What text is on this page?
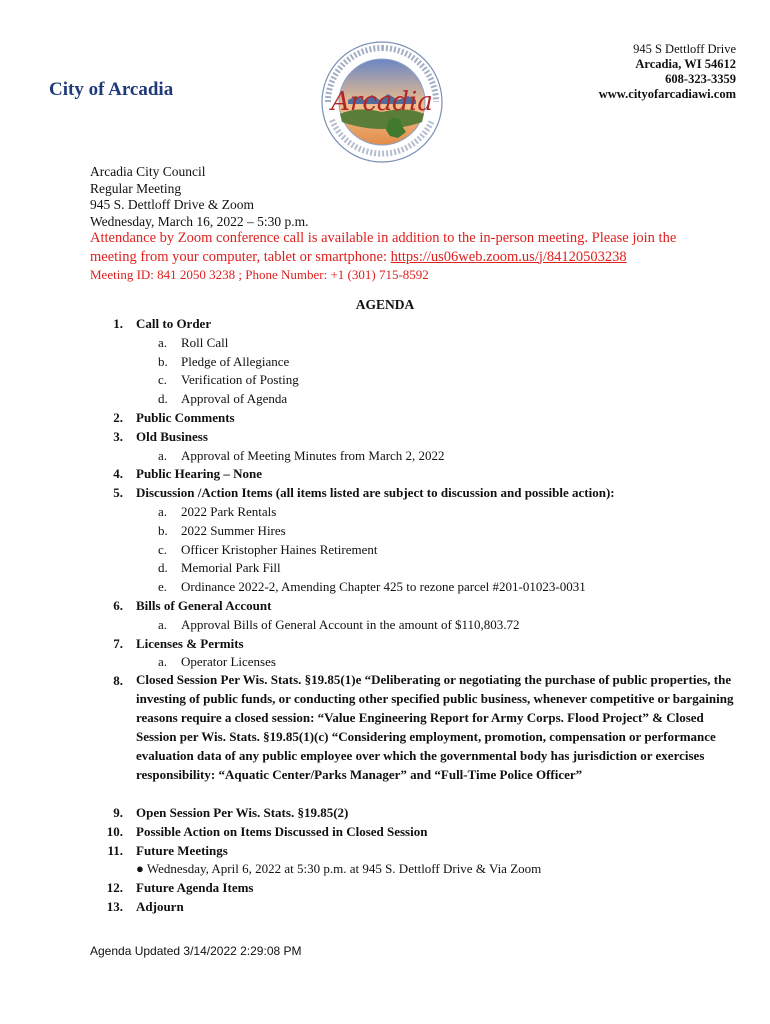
City of Arcadia	Arcadia
945 S Dettloff Drive
Arcadia, WI 54612
608-323-3359
www.cityofarcadiawi.com
Arcadia City Council
Regular Meeting
945 S. Dettloff Drive & Zoom
Wednesday, March 16, 2022 – 5:30 p.m.
Attendance by Zoom conference call is available in addition to the in-person meeting. Please join the
meeting from your computer, tablet or smartphone: https://us06web.zoom.us/j/84120503238
Meeting ID: 841 2050 3238 ; Phone Number: +1 (301) 715-8592
AGENDA
1. Call to Order
a. Roll Call
b. Pledge of Allegiance
c. Verification of Posting
d. Approval of Agenda
2. Public Comments
3. Old Business
a. Approval of Meeting Minutes from March 2, 2022
4. Public Hearing – None
5. Discussion /Action Items (all items listed are subject to discussion and possible action):
a. 2022 Park Rentals
b. 2022 Summer Hires
c. Officer Kristopher Haines Retirement
d. Memorial Park Fill
e. Ordinance 2022-2, Amending Chapter 425 to rezone parcel #201-01023-0031
6. Bills of General Account
a. Approval Bills of General Account in the amount of $110,803.72
7. Licenses & Permits
a. Operator Licenses
8. Closed Session Per Wis. Stats. §19.85(1)e “Deliberating or negotiating the purchase of public properties, the investing of public funds, or conducting other specified public business, whenever competitive or bargaining reasons require a closed session: “Value Engineering Report for Army Corps. Flood Project” & Closed Session per Wis. Stats. §19.85(1)(c) “Considering employment, promotion, compensation or performance evaluation data of any public employee over which the governmental body has jurisdiction or exercises responsibility: “Aquatic Center/Parks Manager” and “Full-Time Police Officer”
9. Open Session Per Wis. Stats. §19.85(2)
10. Possible Action on Items Discussed in Closed Session
11. Future Meetings
● Wednesday, April 6, 2022 at 5:30 p.m. at 945 S. Dettloff Drive & Via Zoom
12. Future Agenda Items
13. Adjourn
Agenda Updated 3/14/2022 2:29:08 PM
